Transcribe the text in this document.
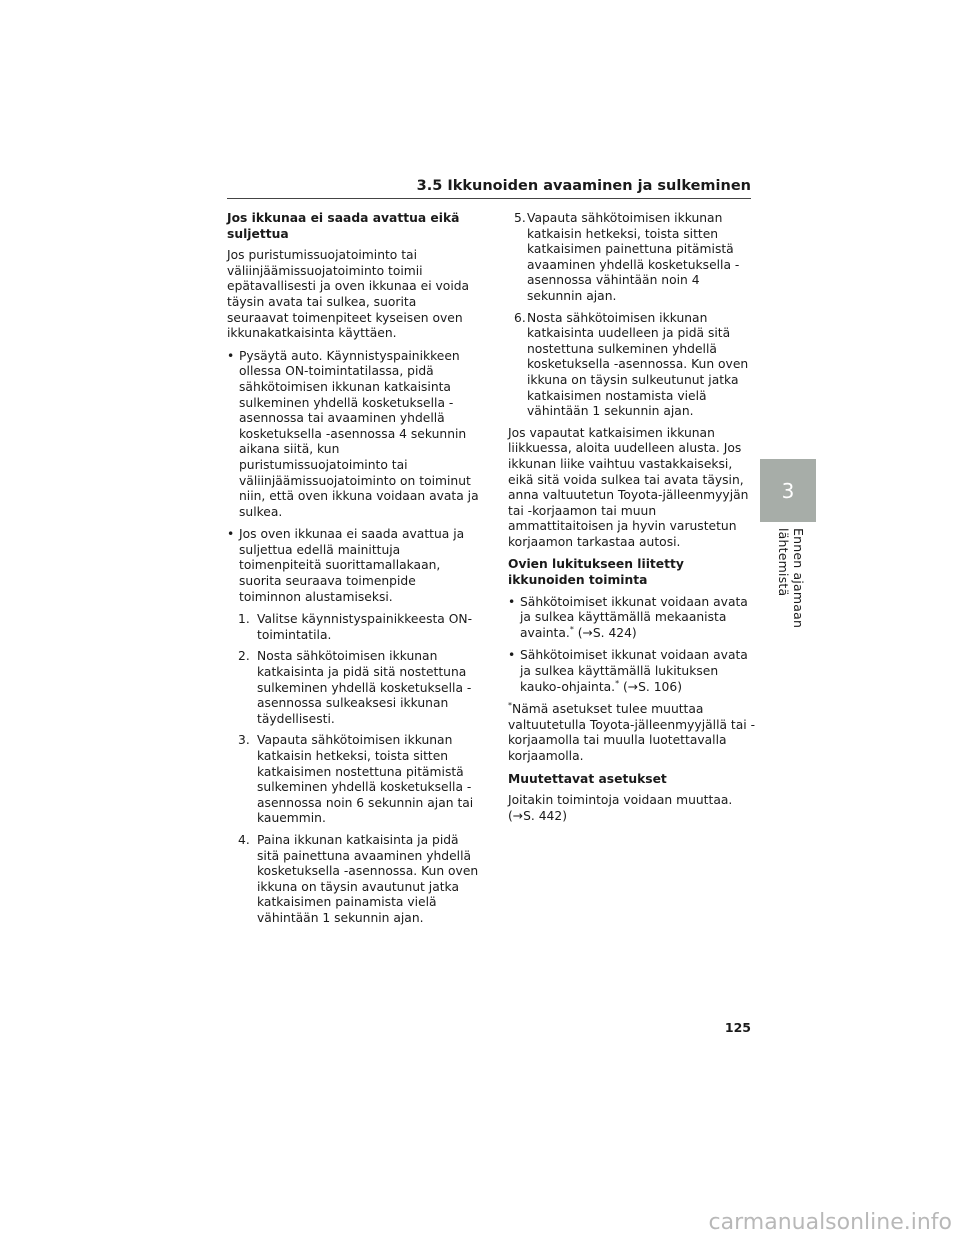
3.5 Ikkunoiden avaaminen ja sulkeminen
Jos ikkunaa ei saada avattua eikä suljettua

Jos puristumissuojatoiminto tai väliinjäämissuojatoiminto toimii epätavallisesti ja oven ikkunaa ei voida täysin avata tai sulkea, suorita seuraavat toimenpiteet kyseisen oven ikkunakatkaisinta käyttäen.

• Pysäytä auto. Käynnistyspainikkeen ollessa ON-toimintatilassa, pidä sähkötoimisen ikkunan katkaisinta sulkeminen yhdellä kosketuksella -asennossa tai avaaminen yhdellä kosketuksella -asennossa 4 sekunnin aikana siitä, kun puristumissuojatoiminto tai väliinjäämissuojatoiminto on toiminut niin, että oven ikkuna voidaan avata ja sulkea.
• Jos oven ikkunaa ei saada avattua ja suljettua edellä mainittuja toimenpiteitä suorittamallakaan, suorita seuraava toimenpide toiminnon alustamiseksi.
1. Valitse käynnistyspainikkeesta ON-toimintatila.
2. Nosta sähkötoimisen ikkunan katkaisinta ja pidä sitä nostettuna sulkeminen yhdellä kosketuksella -asennossa sulkeaksesi ikkunan täydellisesti.
3. Vapauta sähkötoimisen ikkunan katkaisin hetkeksi, toista sitten katkaisimen nostettuna pitämistä sulkeminen yhdellä kosketuksella -asennossa noin 6 sekunnin ajan tai kauemmin.
4. Paina ikkunan katkaisinta ja pidä sitä painettuna avaaminen yhdellä kosketuksella -asennossa. Kun oven ikkuna on täysin avautunut jatka katkaisimen painamista vielä vähintään 1 sekunnin ajan.
5. Vapauta sähkötoimisen ikkunan katkaisin hetkeksi, toista sitten katkaisimen painettuna pitämistä avaaminen yhdellä kosketuksella -asennossa vähintään noin 4 sekunnin ajan.
6. Nosta sähkötoimisen ikkunan katkaisinta uudelleen ja pidä sitä nostettuna sulkeminen yhdellä kosketuksella -asennossa. Kun oven ikkuna on täysin sulkeutunut jatka katkaisimen nostamista vielä vähintään 1 sekunnin ajan.

Jos vapautat katkaisimen ikkunan liikkuessa, aloita uudelleen alusta. Jos ikkunan liike vaihtuu vastakkaiseksi, eikä sitä voida sulkea tai avata täysin, anna valtuutetun Toyota-jälleenmyyjän tai -korjaamon tai muun ammattitaitoisen ja hyvin varustetun korjaamon tarkastaa autosi.

Ovien lukitukseen liitetty ikkunoiden toiminta
• Sähkötoimiset ikkunat voidaan avata ja sulkea käyttämällä mekaanista avainta.* (→S. 424)
• Sähkötoimiset ikkunat voidaan avata ja sulkea käyttämällä lukituksen kauko-ohjainta.* (→S. 106)

*Nämä asetukset tulee muuttaa valtuutetulla Toyota-jälleenmyyjällä tai -korjaamolla tai muulla luotettavalla korjaamolla.

Muutettavat asetukset

Joitakin toimintoja voidaan muuttaa. (→S. 442)

3
Ennen ajamaan lähtemistä
125
carmanualsonline.info
